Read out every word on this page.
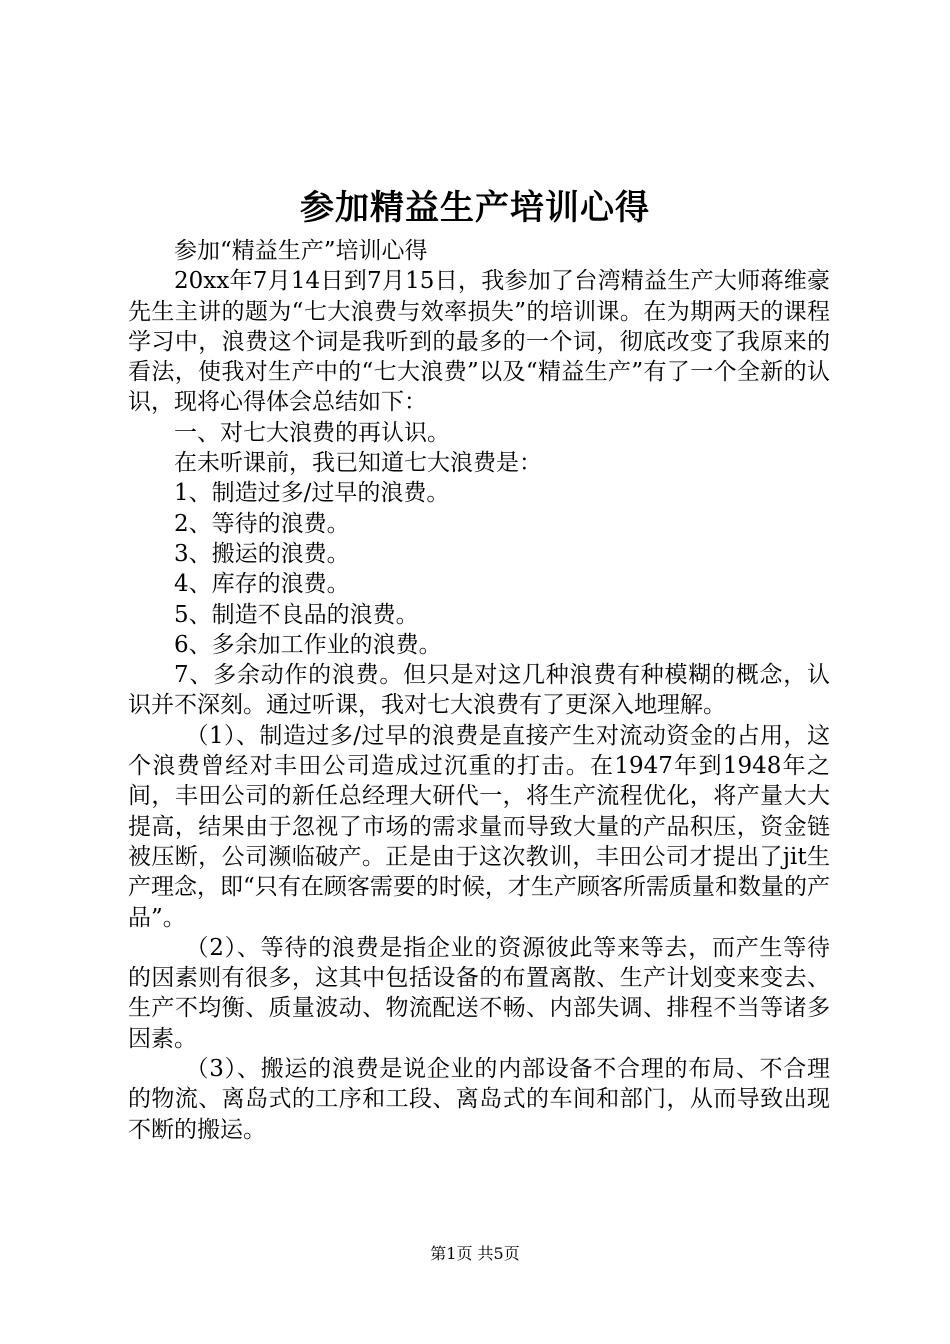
参加精益生产培训心得

参加“精益生产”培训心得

20xx年7月14日到7月15日，我参加了台湾精益生产大师蒋维豪先生主讲的题为“七大浪费与效率损失”的培训课。在为期两天的课程学习中，浪费这个词是我听到的最多的一个词，彻底改变了我原来的看法，使我对生产中的“七大浪费”以及“精益生产”有了一个全新的认识，现将心得体会总结如下：

一、对七大浪费的再认识。

在未听课前，我已知道七大浪费是：

1、制造过多/过早的浪费。

2、等待的浪费。

3、搬运的浪费。

4、库存的浪费。

5、制造不良品的浪费。

6、多余加工作业的浪费。

7、多余动作的浪费。但只是对这几种浪费有种模糊的概念，认识并不深刻。通过听课，我对七大浪费有了更深入地理解。

（1）、制造过多/过早的浪费是直接产生对流动资金的占用，这个浪费曾经对丰田公司造成过沉重的打击。在1947年到1948年之间，丰田公司的新任总经理大研代一，将生产流程优化，将产量大大提高，结果由于忽视了市场的需求量而导致大量的产品积压，资金链被压断，公司濒临破产。正是由于这次教训，丰田公司才提出了jit生产理念，即“只有在顾客需要的时候，才生产顾客所需质量和数量的产品”。

（2）、等待的浪费是指企业的资源彼此等来等去，而产生等待的因素则有很多，这其中包括设备的布置离散、生产计划变来变去、生产不均衡、质量波动、物流配送不畅、内部失调、排程不当等诸多因素。

（3）、搬运的浪费是说企业的内部设备不合理的布局、不合理的物流、离岛式的工序和工段、离岛式的车间和部门，从而导致出现不断的搬运。

第1页 共5页
